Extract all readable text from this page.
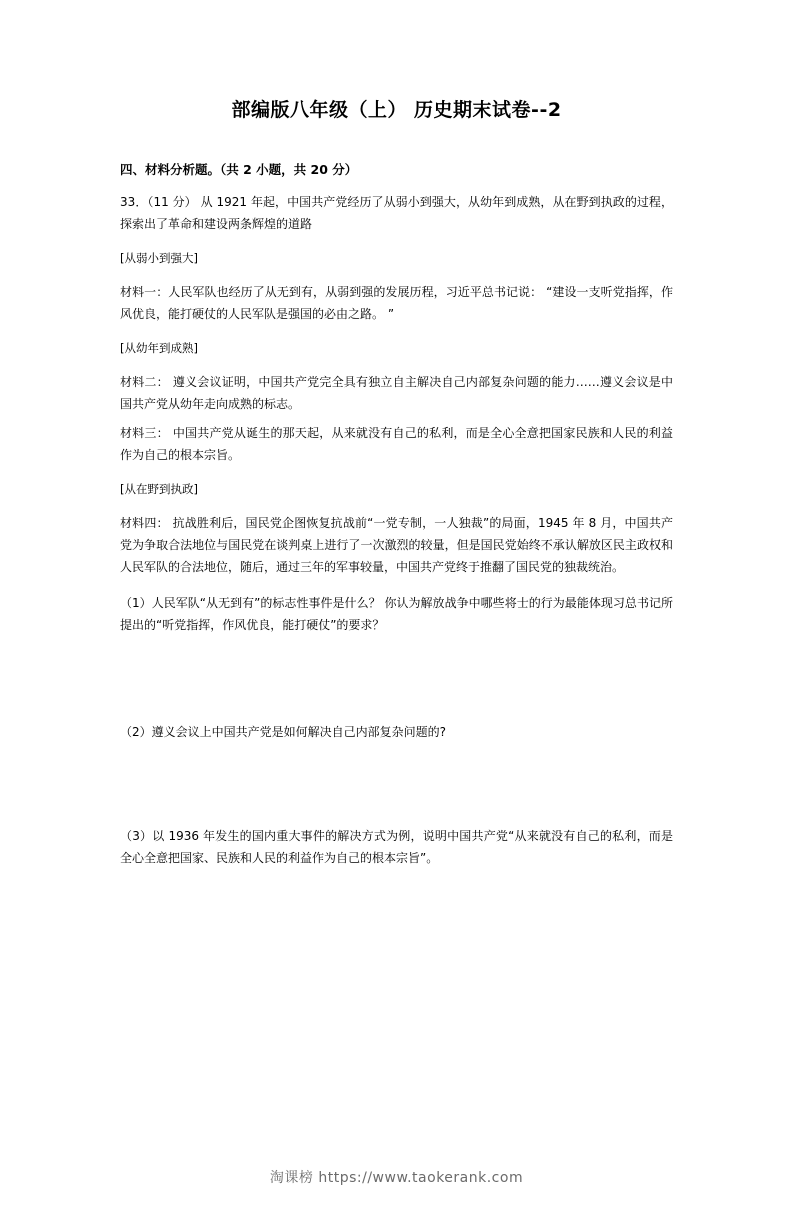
部编版八年级（上） 历史期末试卷--2
四、材料分析题。（共 2 小题，共 20 分）

33．（11 分） 从 1921 年起，中国共产党经历了从弱小到强大，从幼年到成熟，从在野到执政的过程，探索出了革命和建设两条辉煌的道路

[从弱小到强大]

材料一：人民军队也经历了从无到有，从弱到强的发展历程，习近平总书记说： “建设一支听党指挥，作风优良，能打硬仗的人民军队是强国的必由之路。 ”

[从幼年到成熟]

材料二： 遵义会议证明，中国共产党完全具有独立自主解决自己内部复杂问题的能力……遵义会议是中国共产党从幼年走向成熟的标志。

材料三： 中国共产党从诞生的那天起，从来就没有自己的私利，而是全心全意把国家民族和人民的利益作为自己的根本宗旨。

[从在野到执政]

材料四： 抗战胜利后，国民党企图恢复抗战前“一党专制，一人独裁”的局面，1945 年 8 月，中国共产党为争取合法地位与国民党在谈判桌上进行了一次激烈的较量，但是国民党始终不承认解放区民主政权和人民军队的合法地位，随后，通过三年的军事较量，中国共产党终于推翻了国民党的独裁统治。

（1）人民军队“从无到有”的标志性事件是什么？ 你认为解放战争中哪些将士的行为最能体现习总书记所提出的“听党指挥，作风优良，能打硬仗”的要求？

（2）遵义会议上中国共产党是如何解决自己内部复杂问题的?

（3）以 1936 年发生的国内重大事件的解决方式为例，说明中国共产党“从来就没有自己的私利，而是全心全意把国家、民族和人民的利益作为自己的根本宗旨”。

淘课榜 https://www.taokerank.com
